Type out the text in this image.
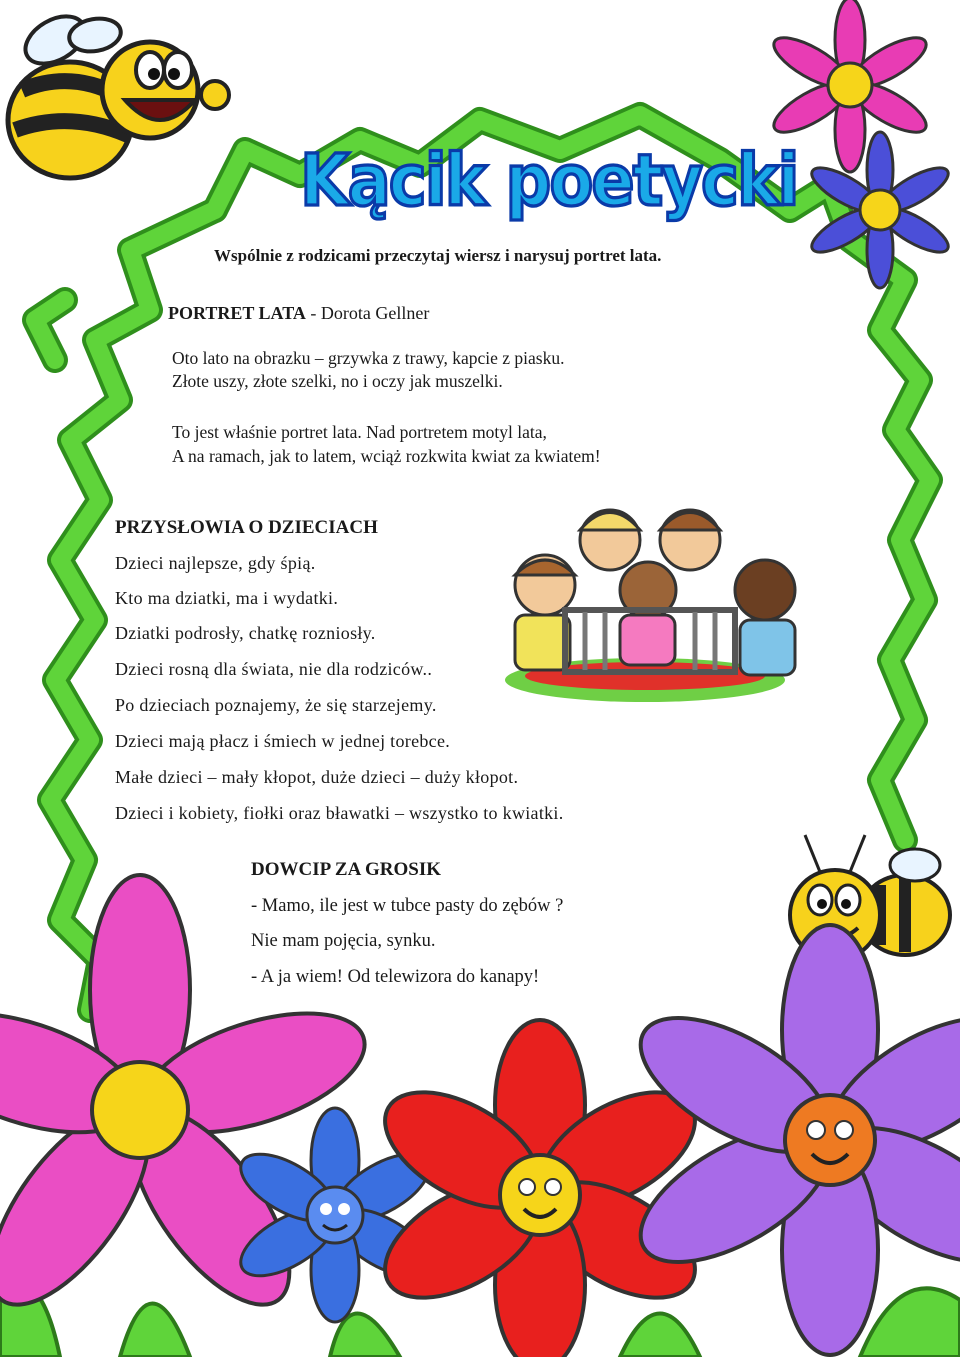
Kącik poetycki
Wspólnie z rodzicami przeczytaj wiersz i narysuj portret lata.
PORTRET LATA - Dorota Gellner
Oto lato na obrazku – grzywka z trawy, kapcie z piasku.
Złote uszy, złote szelki, no i oczy jak muszelki.
To jest właśnie portret lata. Nad portretem motyl lata,
A na ramach, jak to latem, wciąż rozkwita kwiat za kwiatem!
PRZYSŁOWIA O DZIECIACH
Dzieci najlepsze, gdy śpią.
Kto ma dziatki, ma i wydatki.
Dziatki podrosły, chatkę rozniosły.
Dzieci rosną dla świata, nie dla rodziców..
Po dzieciach poznajemy, że się starzejemy.
Dzieci mają płacz i śmiech w jednej torebce.
Małe dzieci – mały kłopot, duże dzieci – duży kłopot.
Dzieci i kobiety, fiołki oraz bławatki – wszystko to kwiatki.
DOWCIP ZA GROSIK
- Mamo, ile jest w tubce pasty do zębów ?
Nie mam pojęcia, synku.
- A ja wiem! Od telewizora do kanapy!
